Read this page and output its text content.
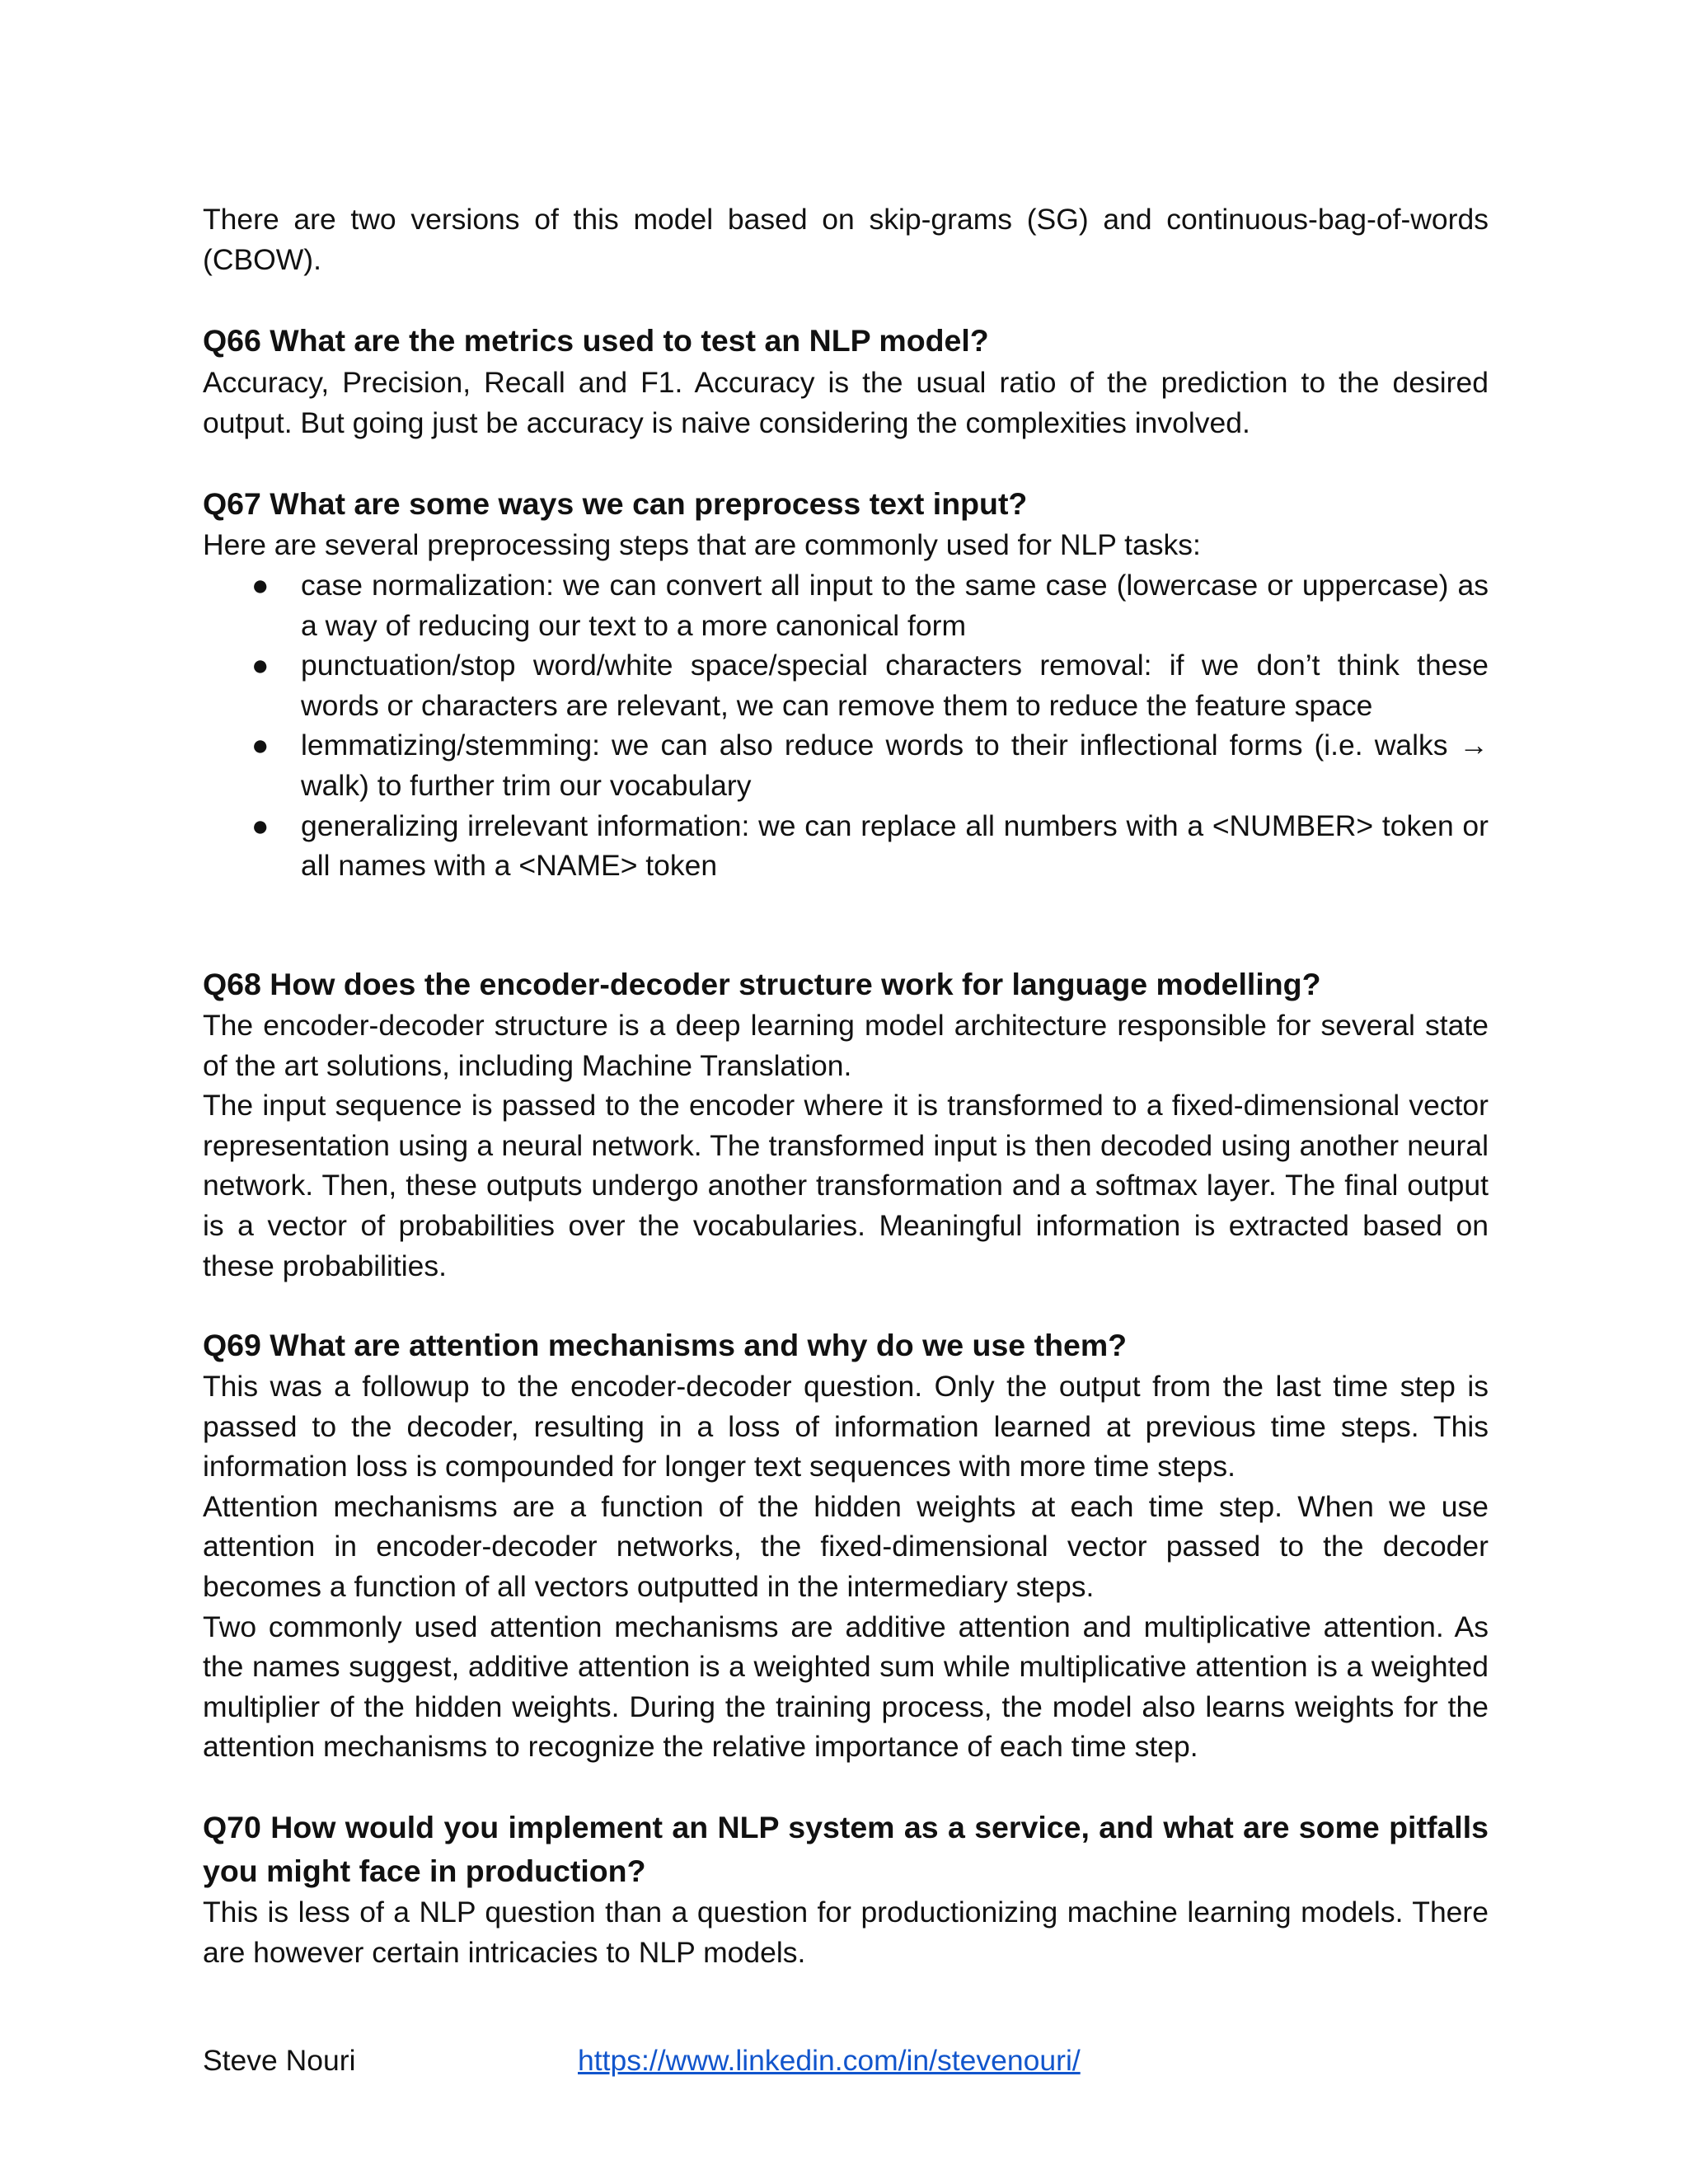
There are two versions of this model based on skip-grams (SG) and continuous-bag-of-words (CBOW).

Q66 What are the metrics used to test an NLP model?

Accuracy, Precision, Recall and F1. Accuracy is the usual ratio of the prediction to the desired output. But going just be accuracy is naive considering the complexities involved.

Q67 What are some ways we can preprocess text input?

Here are several preprocessing steps that are commonly used for NLP tasks:

● case normalization: we can convert all input to the same case (lowercase or uppercase) as a way of reducing our text to a more canonical form
● punctuation/stop word/white space/special characters removal: if we don’t think these words or characters are relevant, we can remove them to reduce the feature space
● lemmatizing/stemming: we can also reduce words to their inflectional forms (i.e. walks → walk) to further trim our vocabulary
● generalizing irrelevant information: we can replace all numbers with a <NUMBER> token or all names with a <NAME> token
Q68 How does the encoder-decoder structure work for language modelling?

The encoder-decoder structure is a deep learning model architecture responsible for several state of the art solutions, including Machine Translation.

The input sequence is passed to the encoder where it is transformed to a fixed-dimensional vector representation using a neural network. The transformed input is then decoded using another neural network. Then, these outputs undergo another transformation and a softmax layer. The final output is a vector of probabilities over the vocabularies. Meaningful information is extracted based on these probabilities.

Q69 What are attention mechanisms and why do we use them?

This was a followup to the encoder-decoder question. Only the output from the last time step is passed to the decoder, resulting in a loss of information learned at previous time steps. This information loss is compounded for longer text sequences with more time steps.

Attention mechanisms are a function of the hidden weights at each time step. When we use attention in encoder-decoder networks, the fixed-dimensional vector passed to the decoder becomes a function of all vectors outputted in the intermediary steps.

Two commonly used attention mechanisms are additive attention and multiplicative attention. As the names suggest, additive attention is a weighted sum while multiplicative attention is a weighted multiplier of the hidden weights. During the training process, the model also learns weights for the attention mechanisms to recognize the relative importance of each time step.

Q70 How would you implement an NLP system as a service, and what are some pitfalls you might face in production?

This is less of a NLP question than a question for productionizing machine learning models. There are however certain intricacies to NLP models.

Steve Nouri	https://www.linkedin.com/in/stevenouri/
